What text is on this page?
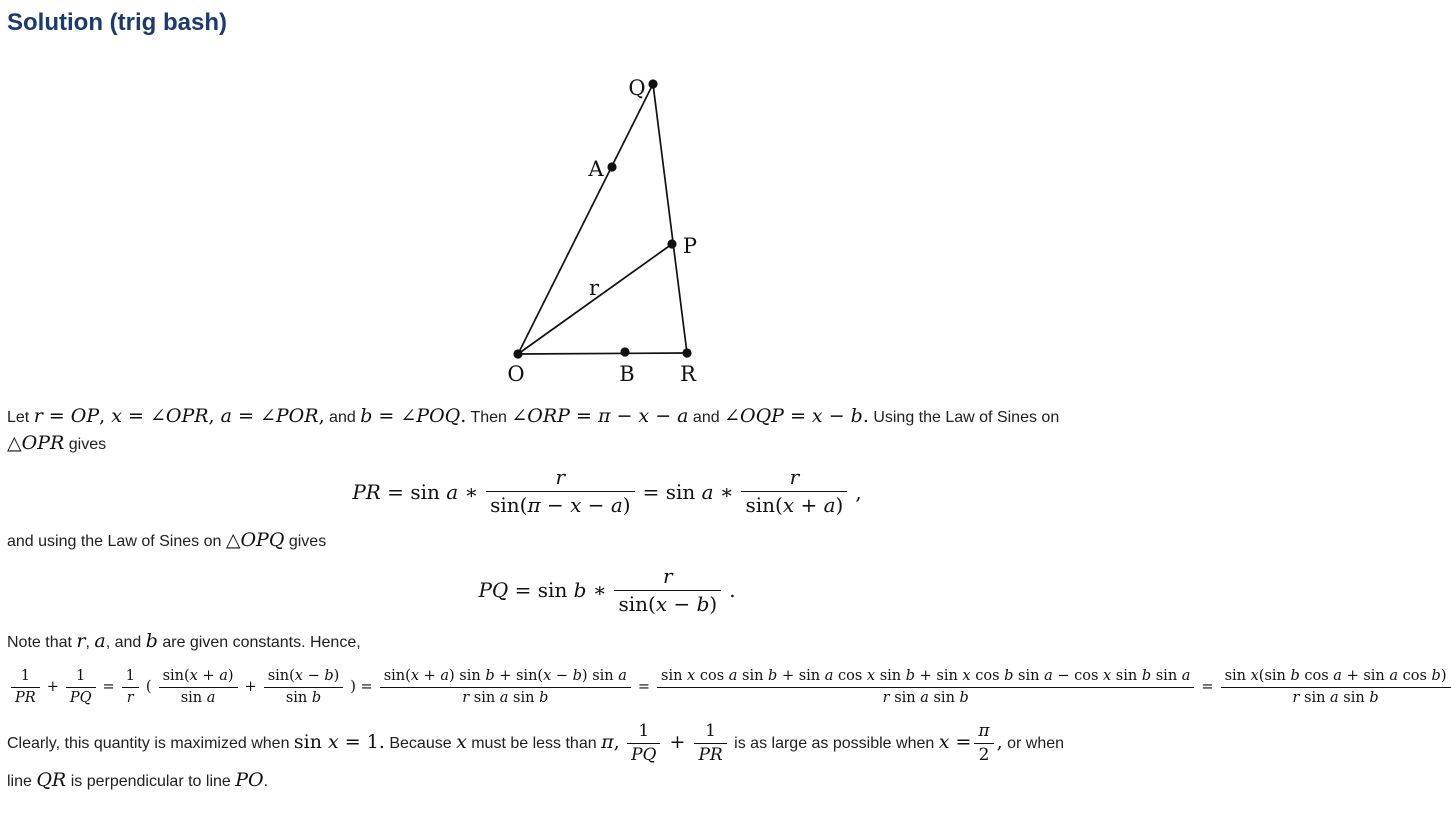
Solution (trig bash)
Q
A
P
O	B R
r
Let r = OP, x = ∠OPR, a = ∠POR, and b = ∠POQ. Then ∠ORP = π − x − a and ∠OQP = x − b. Using the Law of Sines on
△OPR gives
PR = sin a ∗ $\frac{r}{\sin(\pi - x - a)} = \sin a$ ∗ $\frac{r}{\sin(x + a)}$ ,
and using the Law of Sines on △OPQ gives
PQ = sin b ∗ $\frac{r}{\sin(x - b)}$ .
Note that r, a, and b are given constants. Hence,
$\frac{1}{PR} + \frac{1}{PQ} = \frac{1}{r}$ ( $\frac{\sin(x + a)}{\text{sin a}} + \frac{\sin(x - b)}{\text{sin b}}$ ) = $\frac{\text{sin(x + a) sin b + sin(x − b) sin a}}{\text{r sin a sin b}}$ =
sin x cos a sin b + sin a cos x sin b + sin x cos b sin a − cos x sin b sin a
r sin a sin b
= $\frac{\text{sin x(sin b cos a + sin a cos b)}}{\text{r sin a sin b}}$
Clearly, this quantity is maximized when sin x = 1. Because x must be less than π, $\frac{1}{PQ} + \frac{1}{PR}$ is as large as possible when $x = \frac{\pi}{2}$ , or when
line QR is perpendicular to line PO.
